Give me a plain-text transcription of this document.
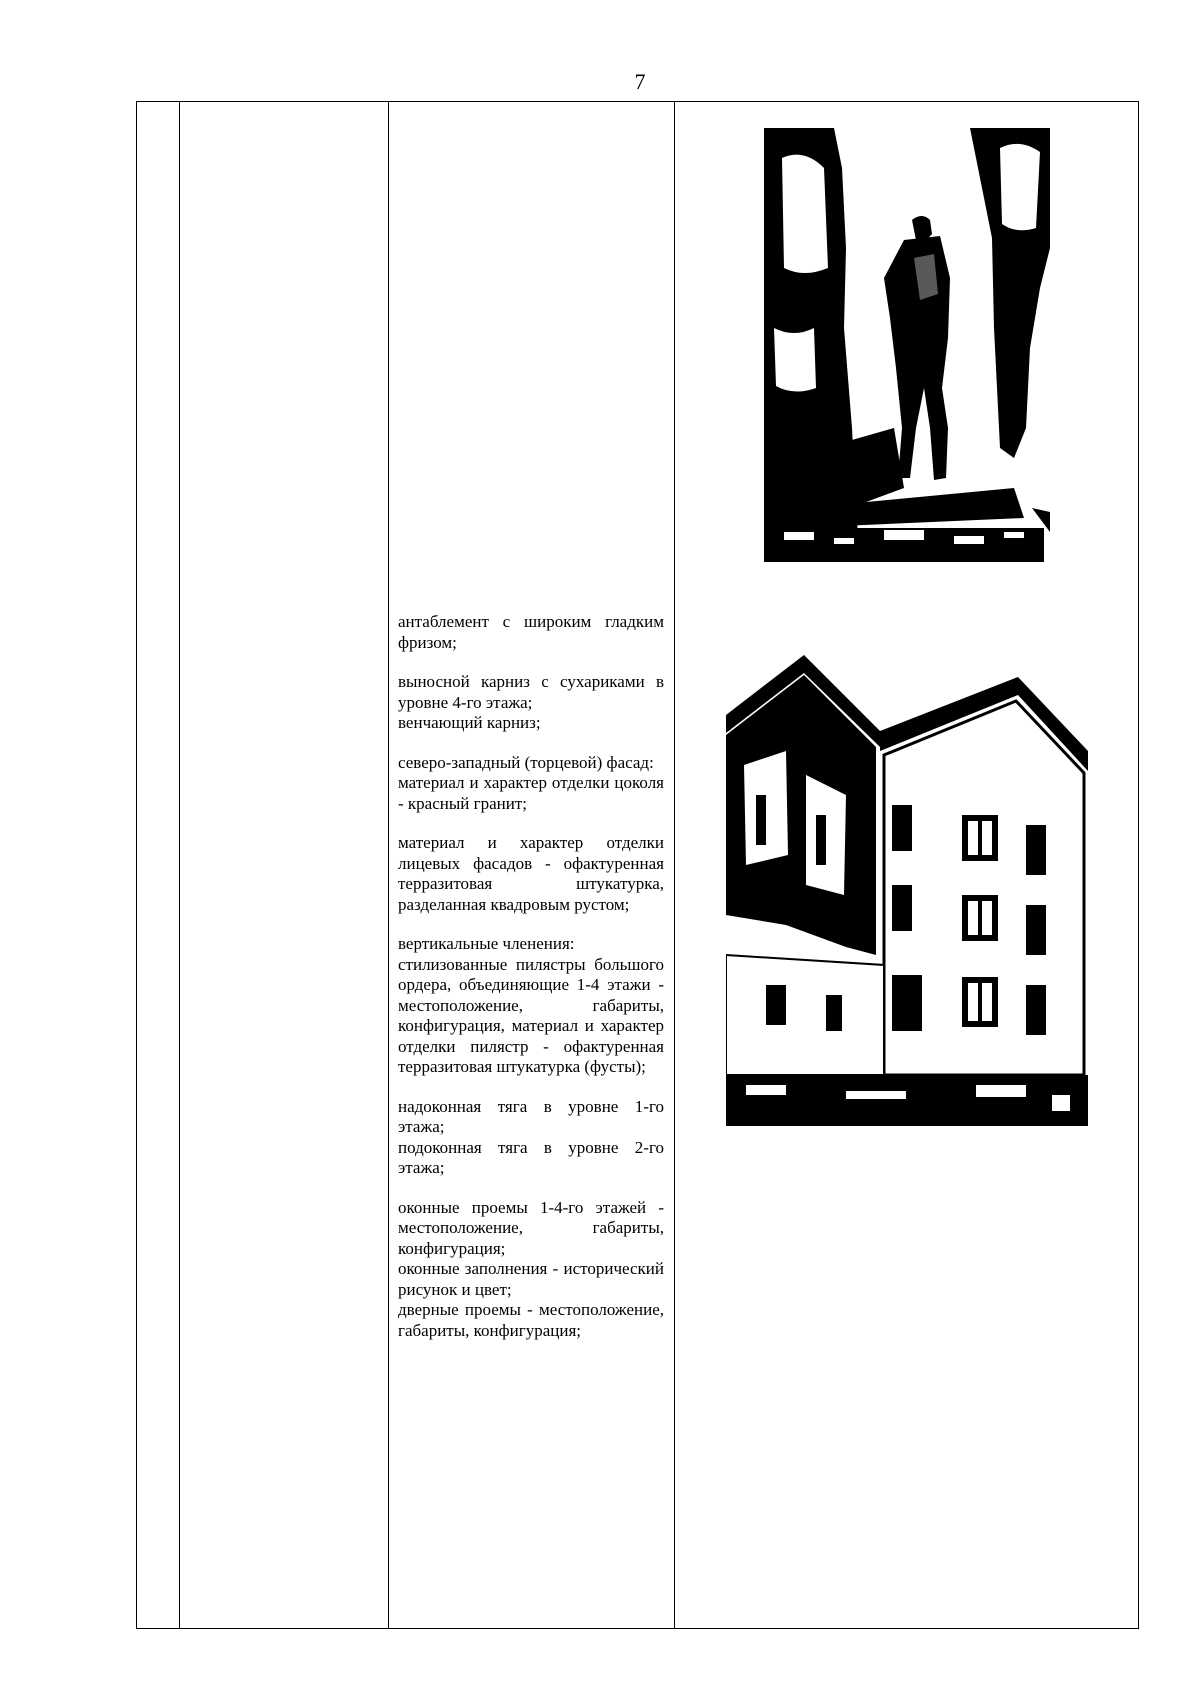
7

антаблемент с широким гладким фризом;

выносной карниз с сухариками в уровне 4-го этажа;

венчающий карниз;

северо-западный (торцевой) фасад:

материал и характер отделки цоколя - красный гранит;

материал и характер отделки лицевых фасадов - офактуренная терразитовая штукатурка, разделанная квадровым рустом;

вертикальные членения:

стилизованные пилястры большого ордера, объединяющие 1-4 этажи - местоположение, габариты, конфигурация, материал и характер отделки пилястр - офактуренная терразитовая штукатурка (фусты);

надоконная тяга в уровне 1-го этажа;

подоконная тяга в уровне 2-го этажа;

оконные проемы 1-4-го этажей - местоположение, габариты, конфигурация;

оконные заполнения - исторический рисунок и цвет;

дверные проемы - местоположение, габариты, конфигурация;
